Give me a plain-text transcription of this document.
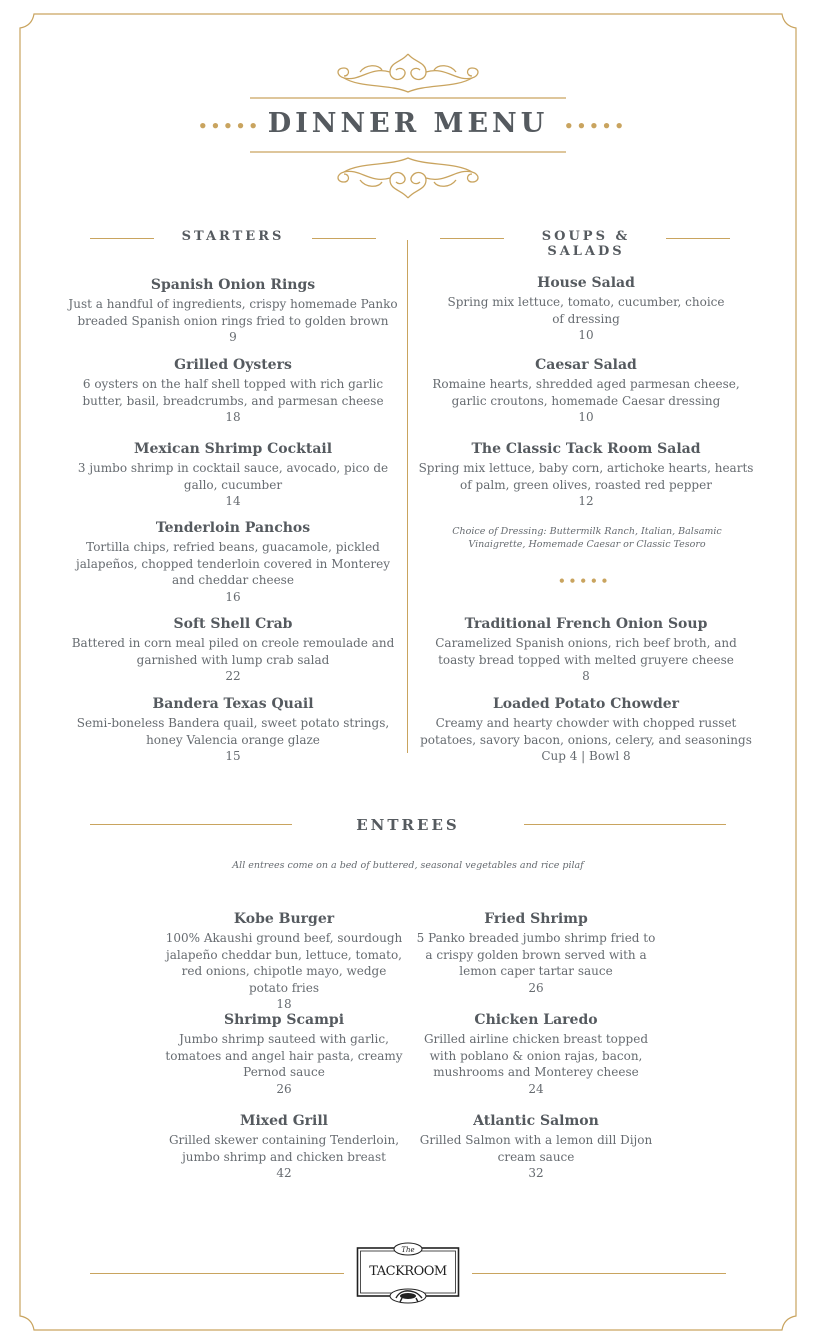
••••• DINNER MENU	•••••
STARTERS
Spanish Onion Rings
Just a handful of ingredients, crispy homemade Panko breaded Spanish onion rings fried to golden brown
9
Grilled Oysters
6 oysters on the half shell topped with rich garlic butter, basil, breadcrumbs, and parmesan cheese
18
Mexican Shrimp Cocktail
3 jumbo shrimp in cocktail sauce, avocado, pico de gallo, cucumber
14
Tenderloin Panchos
Tortilla chips, refried beans, guacamole, pickled jalapeños, chopped tenderloin covered in Monterey and cheddar cheese
16
Soft Shell Crab
Battered in corn meal piled on creole remoulade and garnished with lump crab salad
22
Bandera Texas Quail
Semi-boneless Bandera quail, sweet potato strings, honey Valencia orange glaze
15
SOUPS & SALADS
House Salad
Spring mix lettuce, tomato, cucumber, choice of dressing
10
Caesar Salad
Romaine hearts, shredded aged parmesan cheese, garlic croutons, homemade Caesar dressing
10
The Classic Tack Room Salad
Spring mix lettuce, baby corn, artichoke hearts, hearts of palm, green olives, roasted red pepper
12
Choice of Dressing: Buttermilk Ranch, Italian, Balsamic Vinaigrette, Homemade Caesar or Classic Tesoro
•••••
Traditional French Onion Soup
Caramelized Spanish onions, rich beef broth, and toasty bread topped with melted gruyere cheese
8
Loaded Potato Chowder
Creamy and hearty chowder with chopped russet potatoes, savory bacon, onions, celery, and seasonings
Cup 4 | Bowl 8
ENTREES
All entrees come on a bed of buttered, seasonal vegetables and rice pilaf
Kobe Burger
100% Akaushi ground beef, sourdough jalapeño cheddar bun, lettuce, tomato, red onions, chipotle mayo, wedge potato fries
18
Fried Shrimp
5 Panko breaded jumbo shrimp fried to a crispy golden brown served with a lemon caper tartar sauce
26
Shrimp Scampi
Jumbo shrimp sauteed with garlic, tomatoes and angel hair pasta, creamy Pernod sauce
26
Chicken Laredo
Grilled airline chicken breast topped with poblano & onion rajas, bacon, mushrooms and Monterey cheese
24
Mixed Grill
Grilled skewer containing Tenderloin, jumbo shrimp and chicken breast
42
Atlantic Salmon
Grilled Salmon with a lemon dill Dijon cream sauce
32
The
TACKROOM
